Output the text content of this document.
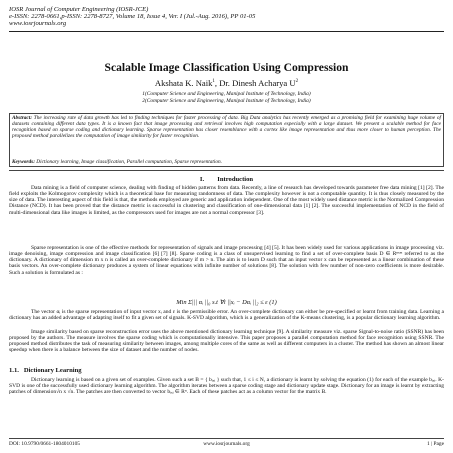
IOSR Journal of Computer Engineering (IOSR-JCE)
e-ISSN: 2278-0661,p-ISSN: 2278-8727, Volume 18, Issue 4, Ver. I (Jul.-Aug. 2016), PP 01-05
www.iosrjournals.org
Scalable Image Classification Using Compression
Akshata K. Naik$^1$, Dr. Dinesh Acharya $U^2$
1(Computer Science and Engineering, Manipal Institute of Technology, India)
2(Computer Science and Engineering, Manipal Institute of Technology, India)
Abstract: The increasing rate of data growth has led to finding techniques for faster processing of data. Big Data analytics has recently emerged as a promising field for examining huge volume of datasets containing different data types. It is a known fact that image processing and retrieval involves high computation especially with a large dataset. We present a scalable method for face recognition based on sparse coding and dictionary learning. Sparse representation has closer resemblance with a cortex like image representation and thus more closer to human perception. The proposed method parallelizes the computation of image similarity for faster recognition.
Keywords: Dictionary learning, Image classification, Parallel computation, Sparse representation.
I.        Introduction
Data mining is a field of computer science, dealing with finding of hidden patterns from data. Recently, a line of research has developed towards parameter free data mining [1] [2]. The field exploits the Kolmogorov complexity which is a theoretical base for measuring randomness of data. The complexity however is not a computable quantity. It is thus closely measured by the size of data. The interesting aspect of this field is that, the methods employed are generic and application independent. One of the most widely used distance metric is the Normalized Compression Distance (NCD). It has been proved that the distance metric is successful in clustering and classification of one-dimensional data [1] [2]. The successful implementation of NCD in the field of multi-dimensional data like images is limited, as the compressors used for images are not a normal compressor [3].
Sparse representation is one of the effective methods for representation of signals and image processing [4] [5]. It has been widely used for various applications in image processing viz. image denoising, image compression and image classification [6] [7] [8]. Sparse coding is a class of unsupervised learning to find a set of over-complete basis D ∈ Rⁿˣᵐ referred to as the dictionary. A dictionary of dimension m x n is called an over-complete dictionary if m > n. The aim is to learn D such that an input vector x can be represented as a linear combination of these basis vectors. An over-complete dictionary produces a system of linear equations with infinite number of solutions [8]. The solution with few number of non-zero coefficients is more desirable. Such a solution is formulated as :
Min Σ||| αᵢ ||₀ s.t ∀i ||xᵢ − Dαᵢ ||₂ ≤ ε (1)
The vector αᵢ is the sparse representation of input vector xᵢ and ε is the permissible error. An over-complete dictionary can either be pre-specified or learnt from training data. Learning a dictionary has an added advantage of adapting itself to fit a given set of signals. K-SVD algorithm, which is a generalization of the K-means clustering, is a popular dictionary learning algorithm.
Image similarity based on sparse reconstruction error uses the above mentioned dictionary learning technique [9]. A similarity measure viz. sparse Signal-to-noise ratio (SSNR) has been proposed by the authors. The measure involves the sparse coding which is computationally intensive. This paper proposes a parallel computation method for face recognition using SSNR. The proposed method distributes the task of measuring similarity between images, among multiple cores of the same as well as different computers in a cluster. The method has shown an almost linear speedup when there is a balance between the size of dataset and the number of nodes.
1.1.   Dictionary Learning
Dictionary learning is based on a given set of examples. Given such a set B = { bᵢₓᵢ } such that, 1 ≤ i ≤ N, a dictionary is learnt by solving the equation (1) for each of the example bᵢₓᵢ. K-SVD is one of the successfully used dictionary learning algorithm. The algorithm iterates between a sparse coding stage and dictionary update stage. Dictionary for an image is learnt by extracting patches of dimension√n x √n. The patches are then converted to vector bᵢₓᵢ ∈ Rⁿ. Each of these patches act as a column vector for the matrix B.
DOI: 10.9790/0661-1804010105	www.iosrjournals.org	1 | Page
